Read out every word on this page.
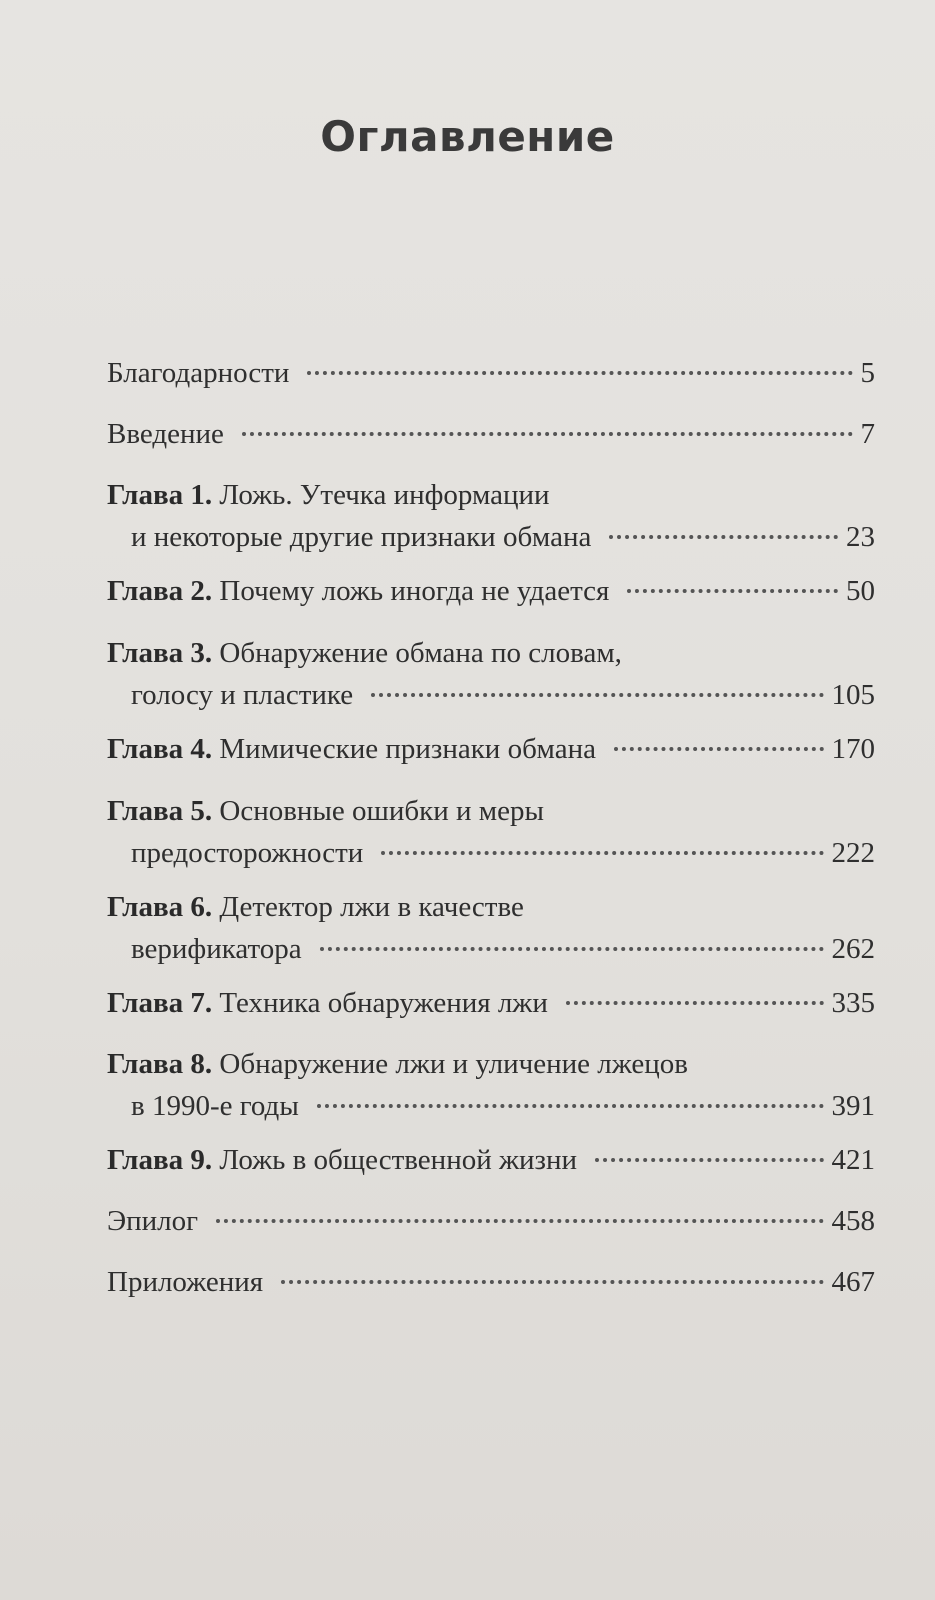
Оглавление
Благодарности	5
Введение	7
Глава 1. Ложь. Утечка информации
и некоторые другие признаки обмана	23
Глава 2. Почему ложь иногда не удается	50
Глава 3. Обнаружение обмана по словам,
голосу и пластике	105
Глава 4. Мимические признаки обмана	170
Глава 5. Основные ошибки и меры
предосторожности	222
Глава 6. Детектор лжи в качестве
верификатора	262
Глава 7. Техника обнаружения лжи	335
Глава 8. Обнаружение лжи и уличение лжецов
в 1990-е годы	391
Глава 9. Ложь в общественной жизни	421
Эпилог	458
Приложения	467
